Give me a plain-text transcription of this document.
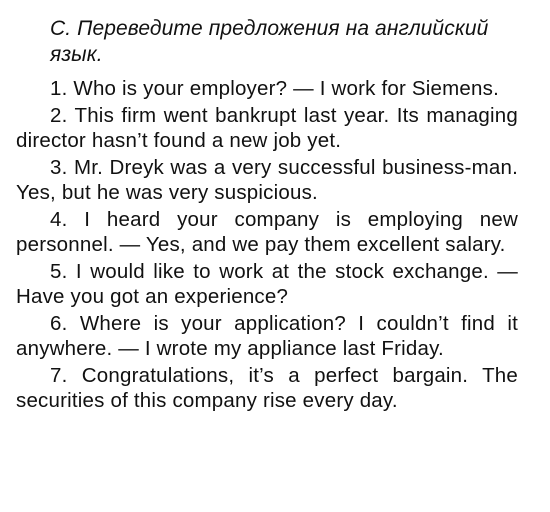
C. Переведите предложения на английский язык.
1. Who is your employer? — I work for Siemens.
2. This firm went bankrupt last year. Its managing director hasn’t found a new job yet.
3. Mr. Dreyk was a very successful business-man. Yes, but he was very suspicious.
4. I heard your company is employing new personnel. — Yes, and we pay them excellent salary.
5. I would like to work at the stock exchange. — Have you got an experience?
6. Where is your application? I couldn’t find it anywhere. — I wrote my appliance last Friday.
7. Congratulations, it’s a perfect bargain. The securities of this company rise every day.
